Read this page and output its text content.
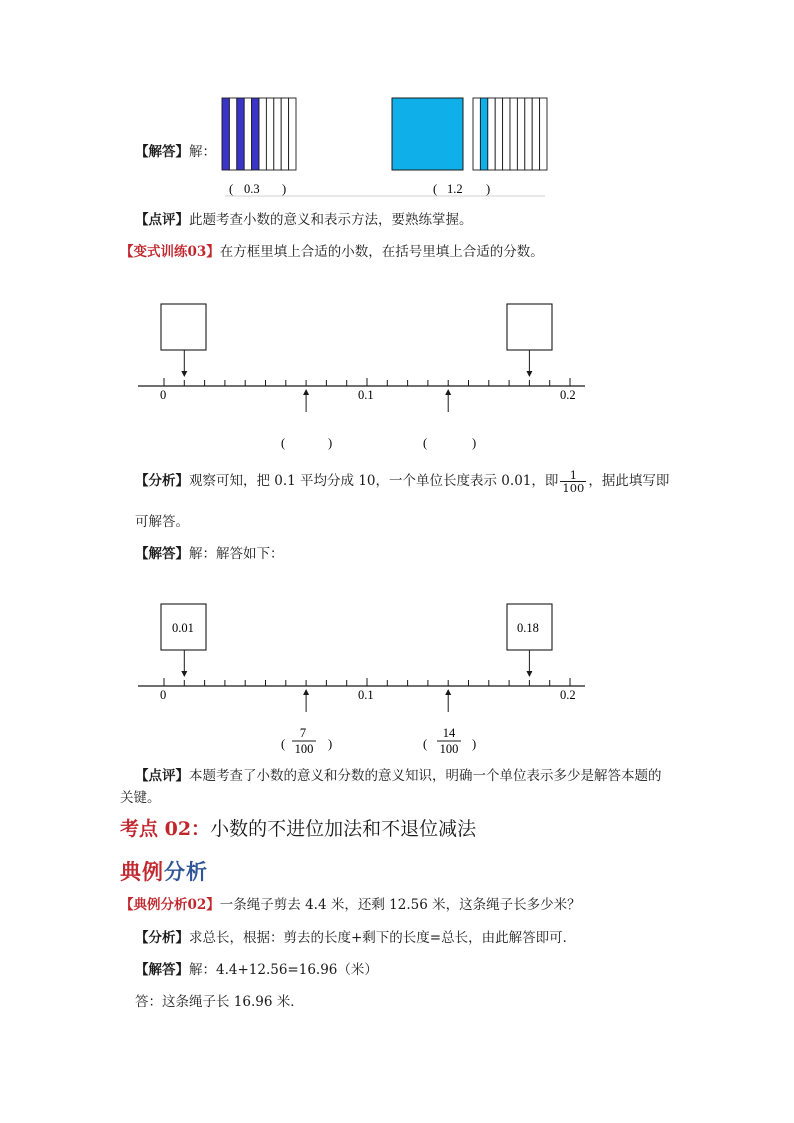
【解答】解：
( 0.3 )	( 1.2 )
【点评】此题考查小数的意义和表示方法，要熟练掌握。
【变式训练03】在方框里填上合适的小数，在括号里填上合适的分数。
0	0.1	0.2
(	)	(	)
【分析】观察可知，把 0.1 平均分成 10，一个单位长度表示 0.01，即 $\frac{1}{100}$ ，据此填写即
可解答。
【解答】解：解答如下：
0.01	0.18
0	0.1	0.2
(
7
100 )	(
14
100 )
【点评】本题考查了小数的意义和分数的意义知识，明确一个单位表示多少是解答本题的
关键。
考点 02：小数的不进位加法和不退位减法
典例分析
【典例分析02】一条绳子剪去 4.4 米，还剩 12.56 米，这条绳子长多少米？
【分析】求总长，根据：剪去的长度+剩下的长度=总长，由此解答即可．
【解答】解：4.4+12.56=16.96（米）
答：这条绳子长 16.96 米．
